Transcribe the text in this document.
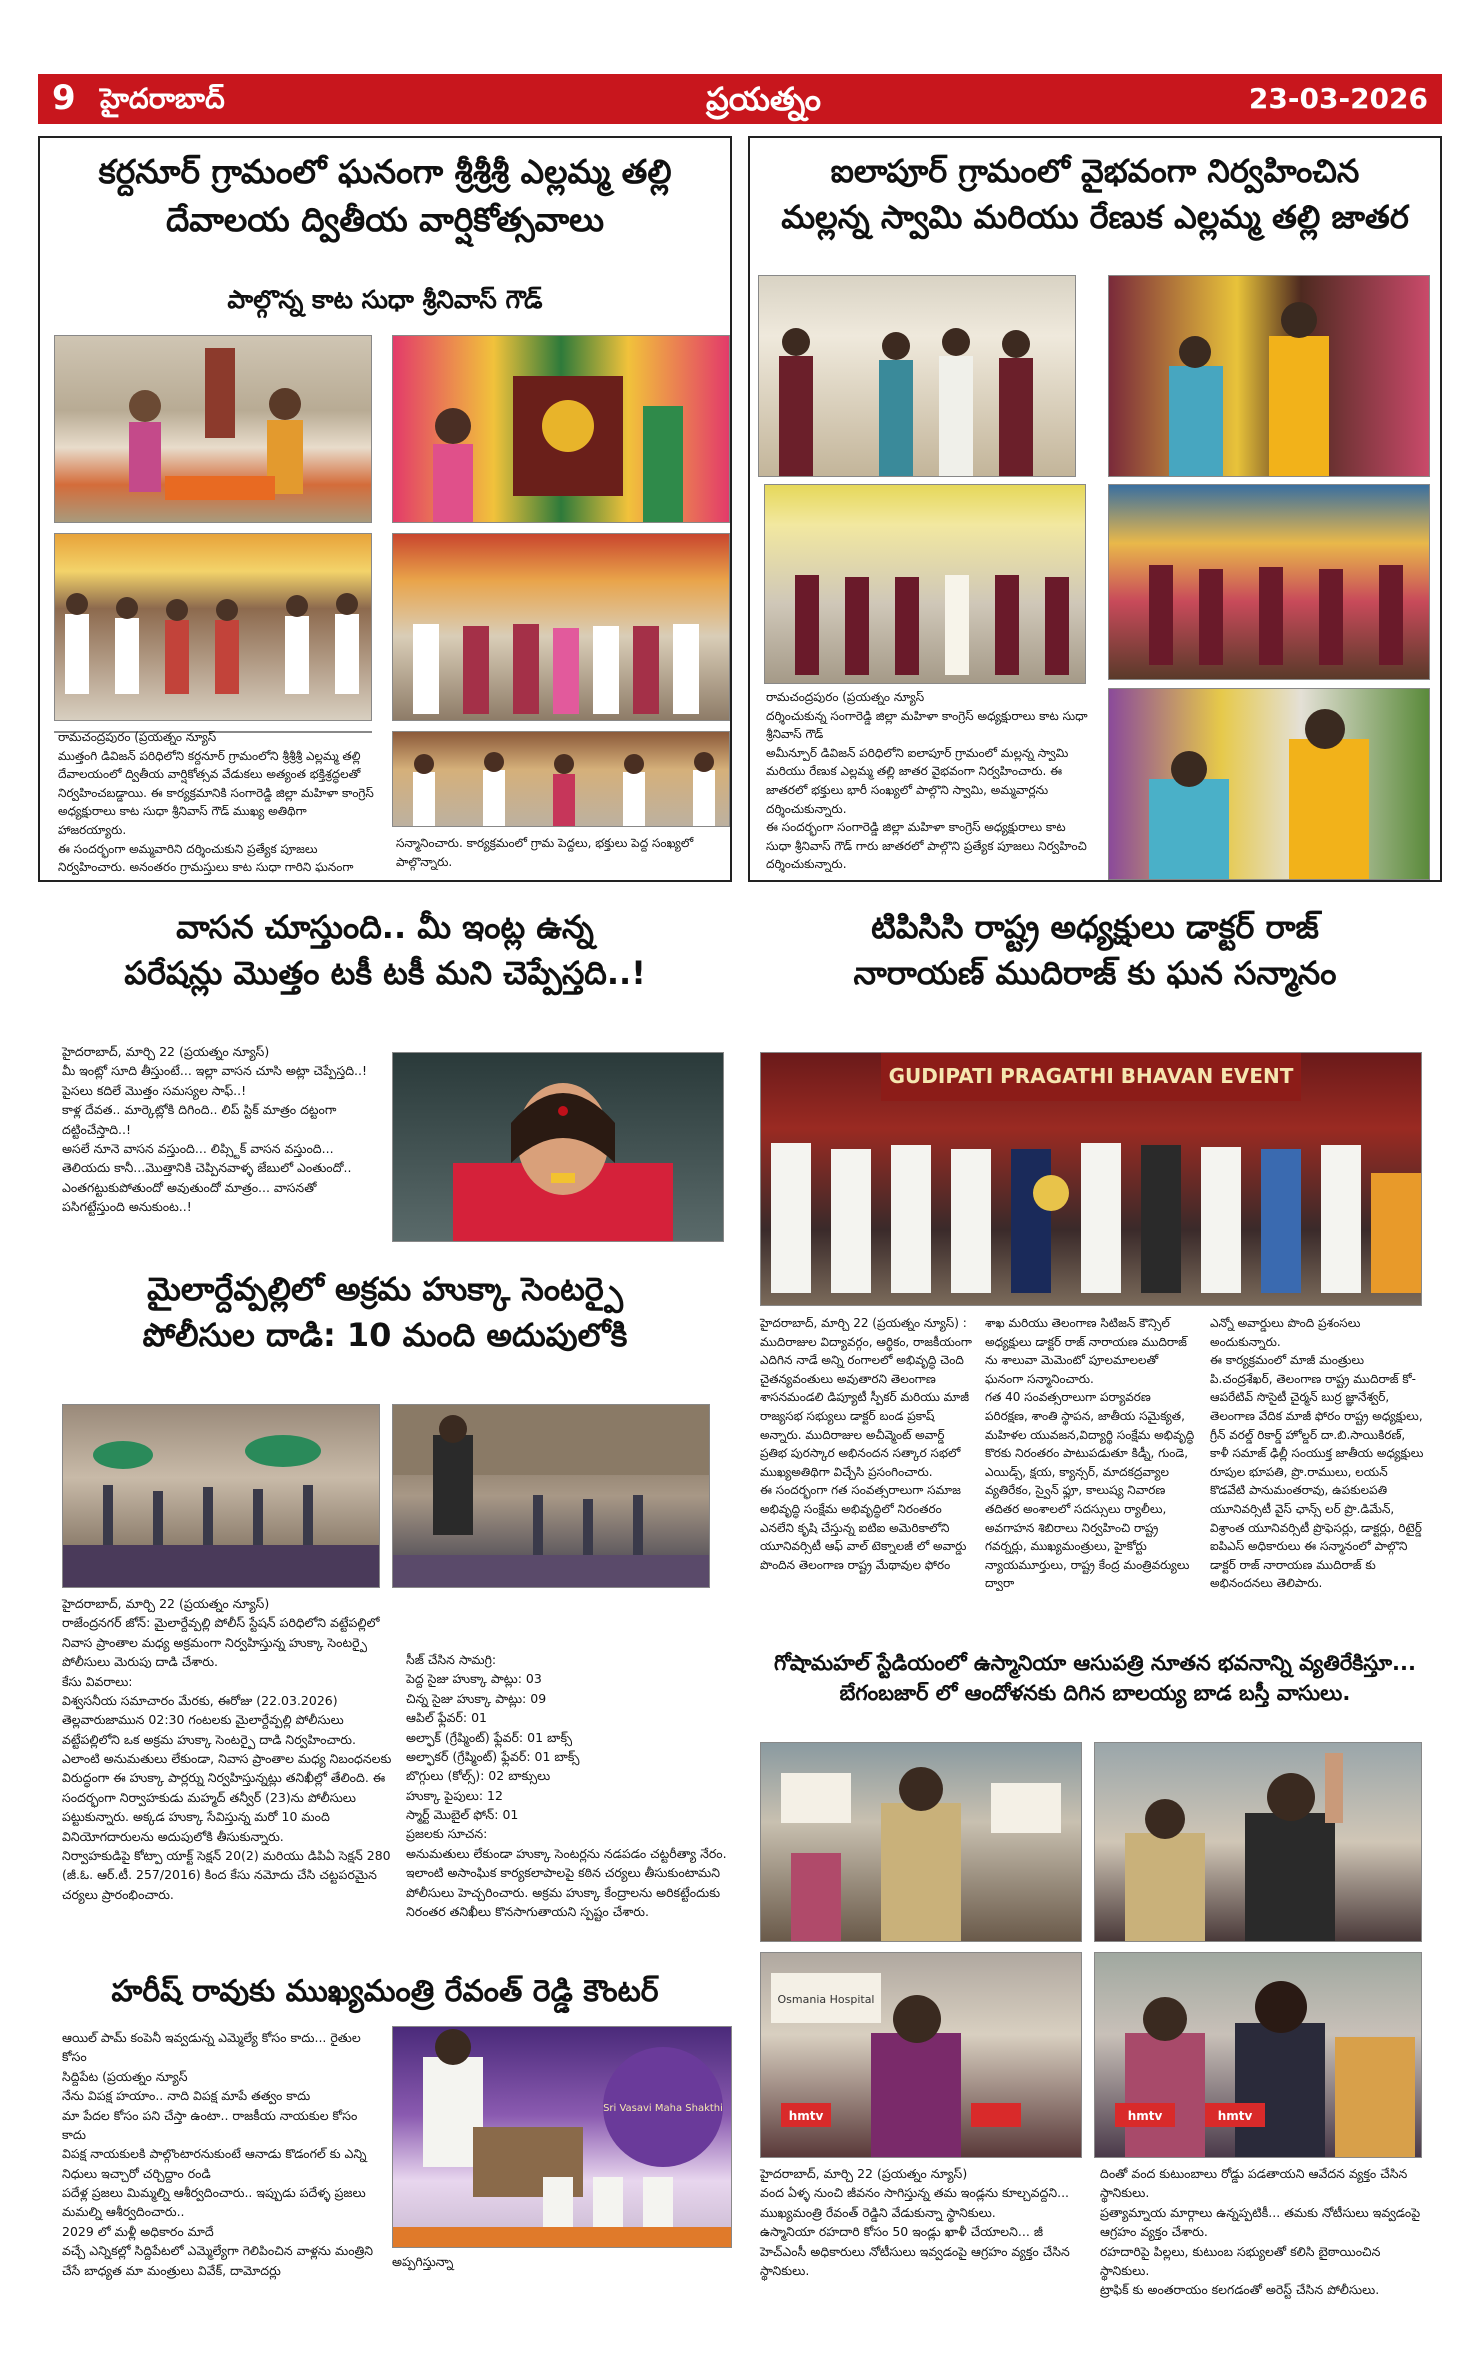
9 హైదరాబాద్	ప్రయత్నం	23-03-2026
కర్దనూర్ గ్రామంలో ఘనంగా శ్రీశ్రీశ్రీ ఎల్లమ్మ తల్లి
దేవాలయ ద్వితీయ వార్షికోత్సవాలు
పాల్గొన్న కాట సుధా శ్రీనివాస్ గౌడ్

రామచంద్రపురం (ప్రయత్నం న్యూస్

ముత్తంగి డివిజన్ పరిధిలోని కర్దనూర్ గ్రామంలోని శ్రీశ్రీశ్రీ ఎల్లమ్మ తల్లి దేవాలయంలో ద్వితీయ వార్షికోత్సవ వేడుకలు అత్యంత భక్తిశ్రద్ధలతో నిర్వహించబడ్డాయి. ఈ కార్యక్రమానికి సంగారెడ్డి జిల్లా మహిళా కాంగ్రెస్ అధ్యక్షురాలు కాట సుధా శ్రీనివాస్ గౌడ్ ముఖ్య అతిథిగా హాజరయ్యారు.

ఈ సందర్భంగా అమ్మవారిని దర్శించుకుని ప్రత్యేక పూజలు నిర్వహించారు. అనంతరం గ్రామస్తులు కాట సుధా గారిని ఘనంగా

సన్మానించారు. కార్యక్రమంలో గ్రామ పెద్దలు, భక్తులు పెద్ద సంఖ్యలో పాల్గొన్నారు.

ఐలాపూర్ గ్రామంలో వైభవంగా నిర్వహించిన
మల్లన్న స్వామి మరియు రేణుక ఎల్లమ్మ తల్లి జాతర

రామచంద్రపురం (ప్రయత్నం న్యూస్

దర్శించుకున్న సంగారెడ్డి జిల్లా మహిళా కాంగ్రెస్ అధ్యక్షురాలు కాట సుధా శ్రీనివాస్ గౌడ్

అమీన్పూర్ డివిజన్ పరిధిలోని ఐలాపూర్ గ్రామంలో మల్లన్న స్వామి మరియు రేణుక ఎల్లమ్మ తల్లి జాతర వైభవంగా నిర్వహించారు. ఈ జాతరలో భక్తులు భారీ సంఖ్యలో పాల్గొని స్వామి, అమ్మవార్లను దర్శించుకున్నారు.

ఈ సందర్భంగా సంగారెడ్డి జిల్లా మహిళా కాంగ్రెస్ అధ్యక్షురాలు కాట సుధా శ్రీనివాస్ గౌడ్ గారు జాతరలో పాల్గొని ప్రత్యేక పూజలు నిర్వహించి దర్శించుకున్నారు.

వాసన చూస్తుంది.. మీ ఇంట్ల ఉన్న
పరేషన్లు మొత్తం టకీ టకీ మని చెప్పేస్తది..!

హైదరాబాద్, మార్చి 22 (ప్రయత్నం న్యూస్)

మీ ఇంట్లో సూది తీస్తుంటే... ఇల్లా వాసన చూసి అట్లా చెప్పేస్తది..!

పైసలు కదిలే మొత్తం సమస్యల సాఫ్..!

కాళ్ల దేవత.. మార్కెట్లోకి దిగింది.. లిప్ స్టిక్ మాత్రం దట్టంగా దట్టించేస్తాది..!

అసలే నూనె వాసన వస్తుంది... లిప్స్టిక్ వాసన వస్తుంది... తెలియదు కానీ...మొత్తానికి చెప్పినవాళ్ళ జేబులో ఎంతుందో.. ఎంతగట్టుకుపోతుందో అవుతుందో మాత్రం... వాసనతో పసిగట్టేస్తుంది అనుకుంట..!

టిపిసిసి రాష్ట్ర అధ్యక్షులు డాక్టర్ రాజ్
నారాయణ్ ముదిరాజ్ కు ఘన సన్మానం
GUDIPATI PRAGATHI BHAVAN EVENT

హైదరాబాద్, మార్చి 22 (ప్రయత్నం న్యూస్) : ముదిరాజుల విద్యావర్గం, ఆర్థికం, రాజకీయంగా ఎదిగిన నాడే అన్ని రంగాలలో అభివృద్ధి చెంది చైతన్యవంతులు అవుతారని తెలంగాణ శాసనమండలి డిప్యూటీ స్పీకర్ మరియు మాజీ రాజ్యసభ సభ్యులు డాక్టర్ బండ ప్రకాష్ అన్నారు. ముదిరాజుల అచీవ్మెంట్ అవార్డ్ ప్రతిభ పురస్కార అభినందన సత్కార సభలో ముఖ్యఅతిథిగా విచ్చేసి ప్రసంగించారు.

ఈ సందర్భంగా గత సంవత్సరాలుగా సమాజ అభివృద్ధి సంక్షేమ అభివృద్ధిలో నిరంతరం ఎనలేని కృషి చేస్తున్న ఐటిఐ అమెరికాలోని యూనివర్సిటీ ఆఫ్ వాల్ టెక్నాలజీ లో అవార్డు పొందిన తెలంగాణ రాష్ట్ర మేథావుల ఫోరం

శాఖ మరియు తెలంగాణ సిటిజన్ కౌన్సిల్ అధ్యక్షులు డాక్టర్ రాజ్ నారాయణ ముదిరాజ్ ను శాలువా మెమెంటో పూలమాలలతో ఘనంగా సన్మానించారు.

గత 40 సంవత్సరాలుగా పర్యావరణ పరిరక్షణ, శాంతి స్థాపన, జాతీయ సమైక్యత, మహిళల యువజన,విద్యార్థి సంక్షేమ అభివృద్ధి కొరకు నిరంతరం పాటుపడుతూ కిడ్నీ, గుండె, ఎయిడ్స్, క్షయ, క్యాన్సర్, మాదకద్రవ్యాల వ్యతిరేకం, స్వైన్ ఫ్లూ, కాలుష్య నివారణ తదితర అంశాలలో సదస్సులు ర్యాలీలు, అవగాహన శిబిరాలు నిర్వహించి రాష్ట్ర గవర్నర్లు, ముఖ్యమంత్రులు, హైకోర్టు న్యాయమూర్తులు, రాష్ట్ర కేంద్ర మంత్రివర్యులు ద్వారా

ఎన్నో అవార్డులు పొంది ప్రశంసలు అందుకున్నారు.

ఈ కార్యక్రమంలో మాజీ మంత్రులు పి.చంద్రశేఖర్, తెలంగాణ రాష్ట్ర ముదిరాజ్ కో-ఆపరేటివ్ సొసైటీ చైర్మన్ బుర్ర జ్ఞానేశ్వర్, తెలంగాణ వేదిక మాజీ ఫోరం రాష్ట్ర అధ్యక్షులు, గ్రీన్ వరల్డ్ రికార్డ్ హోల్డర్ దా.బి.సాయికిరణ్, కాళీ సమాజ్ ఢిల్లీ సంయుక్త జాతీయ అధ్యక్షులు రూపుల భూపతి, ప్రొ.రాములు, లయన్ కొడవేటి పానుమంతరావు, ఉపకులపతి యూనివర్సిటీ వైస్ ఛాన్స్ లర్ ప్రొ.డిమేన్, విశ్రాంత యూనివర్సిటీ ప్రొఫెసర్లు, డాక్టర్లు, రిటైర్డ్ ఐపిఎస్ అధికారులు ఈ సన్మానంలో పాల్గొని డాక్టర్ రాజ్ నారాయణ ముదిరాజ్ కు అభినందనలు తెలిపారు.

మైలార్దేవ్పల్లిలో అక్రమ హుక్కా సెంటర్పై
పోలీసుల దాడి: 10 మంది అదుపులోకి

హైదరాబాద్, మార్చి 22 (ప్రయత్నం న్యూస్)

రాజేంద్రనగర్ జోన్: మైలార్దేవ్పల్లి పోలీస్ స్టేషన్ పరిధిలోని వట్టేపల్లిలో నివాస ప్రాంతాల మధ్య అక్రమంగా నిర్వహిస్తున్న హుక్కా సెంటర్పై పోలీసులు మెరుపు దాడి చేశారు.

కేసు వివరాలు:

విశ్వసనీయ సమాచారం మేరకు, ఈరోజు (22.03.2026) తెల్లవారుజామున 02:30 గంటలకు మైలార్దేవ్పల్లి పోలీసులు వట్టేపల్లిలోని ఒక అక్రమ హుక్కా సెంటర్పై దాడి నిర్వహించారు. ఎలాంటి అనుమతులు లేకుండా, నివాస ప్రాంతాల మధ్య నిబంధనలకు విరుద్ధంగా ఈ హుక్కా పార్లర్ను నిర్వహిస్తున్నట్లు తనిఖీల్లో తేలింది. ఈ సందర్భంగా నిర్వాహకుడు మహ్మద్ తన్వీర్ (23)ను పోలీసులు పట్టుకున్నారు. అక్కడ హుక్కా సేవిస్తున్న మరో 10 మంది వినియోగదారులను అదుపులోకి తీసుకున్నారు.

నిర్వాహకుడిపై కోట్పా యాక్ట్ సెక్షన్ 20(2) మరియు డిపిఏ సెక్షన్ 280 (జీ.ఓ. ఆర్.టీ. 257/2016) కింద కేసు నమోదు చేసి చట్టపరమైన చర్యలు ప్రారంభించారు.

సీజ్ చేసిన సామగ్రి:

పెద్ద సైజు హుక్కా పాట్లు: 03

చిన్న సైజు హుక్కా పాట్లు: 09

ఆపిల్ ఫ్లేవర్: 01

అల్ఫాక్ (గ్రేప్మింట్) ఫ్లేవర్: 01 బాక్స్

అల్ఫాకర్ (గ్రేప్మింట్) ఫ్లేవర్: 01 బాక్స్

బొగ్గులు (కోల్స్): 02 బాక్సులు

హుక్కా పైపులు: 12

స్మార్ట్ మొబైల్ ఫోన్: 01

ప్రజలకు సూచన:

అనుమతులు లేకుండా హుక్కా సెంటర్లను నడపడం చట్టరీత్యా నేరం. ఇలాంటి అసాంఘిక కార్యకలాపాలపై కఠిన చర్యలు తీసుకుంటామని పోలీసులు హెచ్చరించారు. అక్రమ హుక్కా కేంద్రాలను అరికట్టేందుకు నిరంతర తనిఖీలు కొనసాగుతాయని స్పష్టం చేశారు.

గోషామహల్ స్టేడియంలో ఉస్మానియా ఆసుపత్రి నూతన భవనాన్ని వ్యతిరేకిస్తూ...
బేగంబజార్ లో ఆందోళనకు దిగిన బాలయ్య బాడ బస్తీ వాసులు.
Osmania Hospital
hmtv	hmtv	hmtv

హైదరాబాద్, మార్చి 22 (ప్రయత్నం న్యూస్)

వంద ఏళ్ళ నుంచి జీవనం సాగిస్తున్న తమ ఇండ్లను కూల్చవద్దని... ముఖ్యమంత్రి రేవంత్ రెడ్డిని వేడుకున్నా స్థానికులు.

ఉస్మానియా రహదారి కోసం 50 ఇండ్లు ఖాళీ చేయాలని... జీ హెచ్ఎంసీ అధికారులు నోటీసులు ఇవ్వడంపై ఆగ్రహం వ్యక్తం చేసిన స్థానికులు.

దింతో వంద కుటుంబాలు రోడ్డు పడతాయని ఆవేదన వ్యక్తం చేసిన స్థానికులు.

ప్రత్యామ్నాయ మార్గాలు ఉన్నప్పటికీ... తమకు నోటీసులు ఇవ్వడంపై ఆగ్రహం వ్యక్తం చేశారు.

రహదారిపై పిల్లలు, కుటుంబ సభ్యులతో కలిసి బైఠాయించిన స్థానికులు.

ట్రాఫిక్ కు అంతరాయం కలగడంతో అరెస్ట్ చేసిన పోలీసులు.

హరీష్ రావుకు ముఖ్యమంత్రి రేవంత్ రెడ్డి కౌంటర్

ఆయిల్ పామ్ కంపెనీ ఇవ్వడున్న ఎమ్మెల్యే కోసం కాదు... రైతుల కోసం

సిద్దిపేట (ప్రయత్నం న్యూస్

నేను విపక్ష హయాం.. నాది విపక్ష మాపే తత్వం కాదు

మా పేదల కోసం పని చేస్తా ఉంటా.. రాజకీయ నాయకుల కోసం కాదు

విపక్ష నాయకులకి పాల్గొంటారనుకుంటే ఆనాడు కొడంగల్ కు ఎన్ని నిధులు ఇచ్చారో చర్చిద్దాం రండి

పదేళ్ల ప్రజలు మిమ్మల్ని ఆశీర్వదించారు.. ఇప్పుడు పదేళ్ళ ప్రజలు మమల్ని ఆశీర్వదించారు..

2029 లో మళ్లీ అధికారం మాదే

వచ్చే ఎన్నికల్లో సిద్దిపేటలో ఎమ్మెల్యేగా గెలిపించిన వాళ్లను మంత్రిని చేసే బాధ్యత మా మంత్రులు వివేక్, దామోదర్లు

Sri Vasavi Maha Shakthi
అప్పగిస్తున్నా
